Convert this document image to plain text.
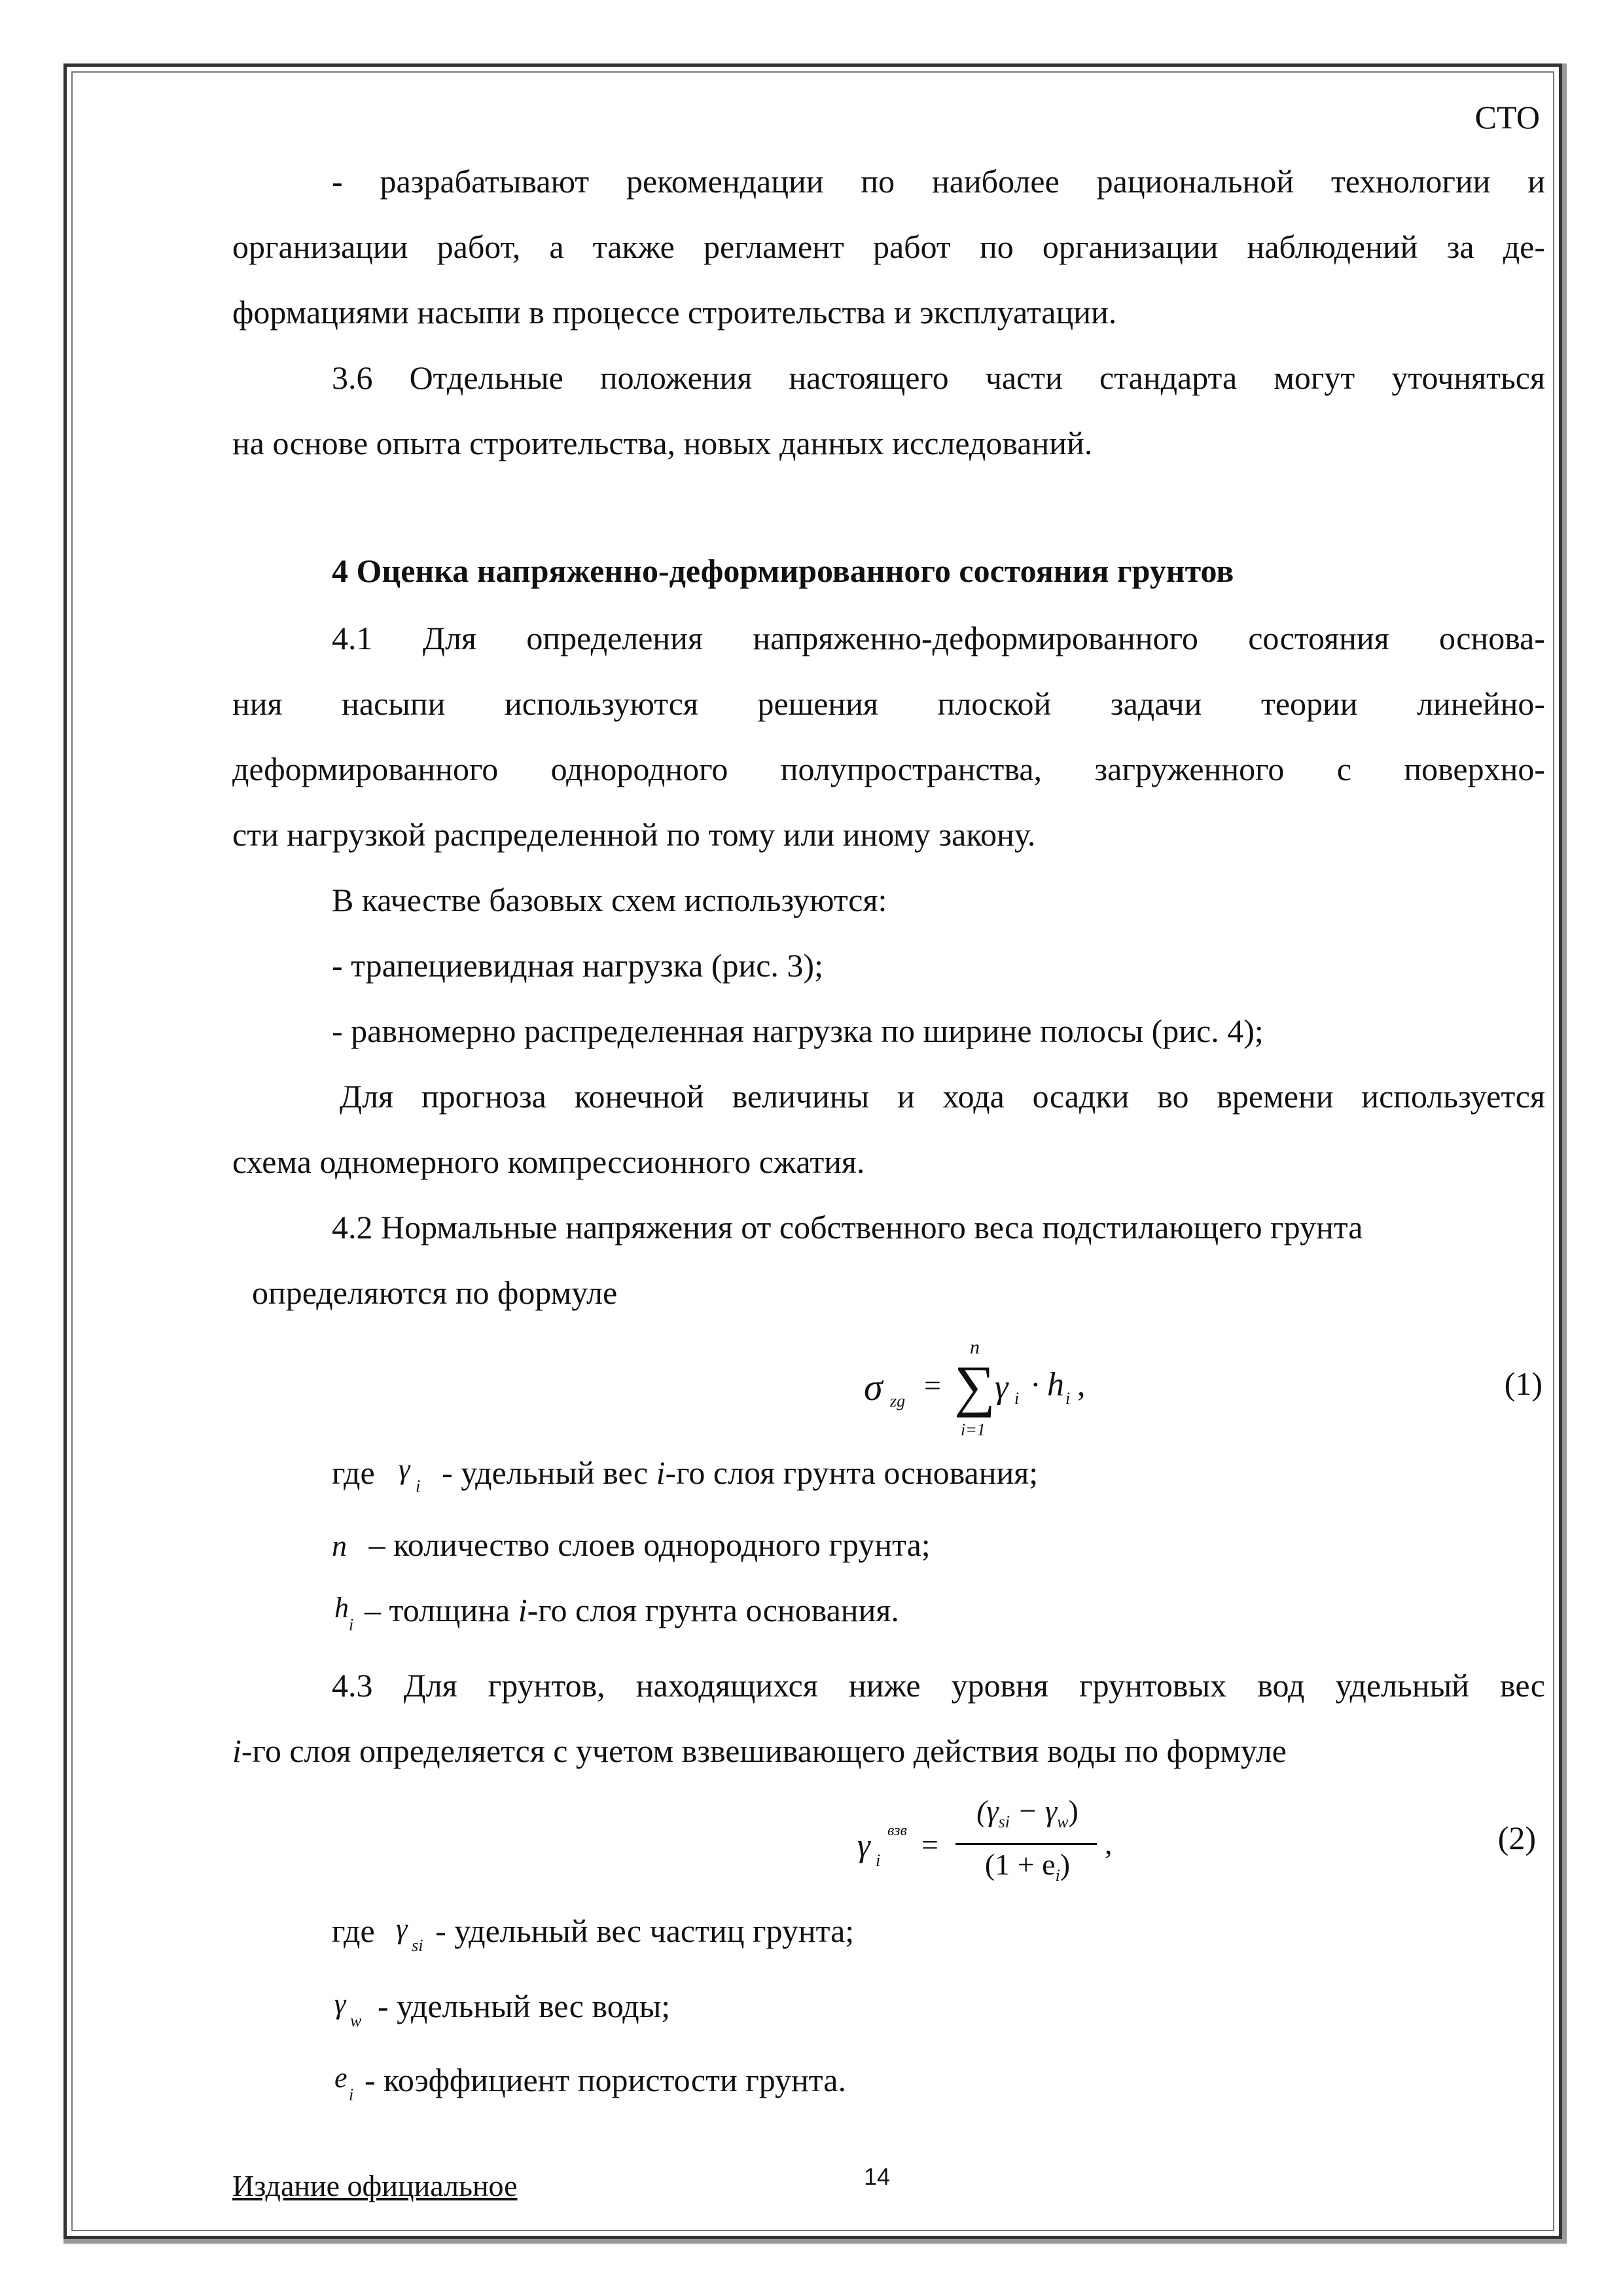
СТО
- разрабатывают рекомендации по наиболее рациональной технологии и
организации работ, а также регламент работ по организации наблюдений за де-
формациями насыпи в процессе строительства и эксплуатации.
3.6 Отдельные положения настоящего части стандарта могут уточняться
на основе опыта строительства, новых данных исследований.
4 Оценка напряженно-деформированного состояния грунтов
4.1 Для определения напряженно-деформированного состояния основа-
ния насыпи используются решения плоской задачи теории линейно-
деформированного однородного полупространства, загруженного с поверхно-
сти нагрузкой распределенной по тому или иному закону.
В качестве базовых схем используются:
- трапециевидная нагрузка (рис. 3);
- равномерно распределенная нагрузка по ширине полосы (рис. 4);
Для прогноза конечной величины и хода осадки во времени используется
схема одномерного компрессионного сжатия.
4.2 Нормальные напряжения от собственного веса подстилающего грунта
определяются по формуле
σ zg = ∑
n
i=1
γ i · h i ,	(1)
где γ
i - удельный вес i-го слоя грунта основания;
n – количество слоев однородного грунта;
h
i – толщина i-го слоя грунта основания.
4.3 Для грунтов, находящихся ниже уровня грунтовых вод удельный вес
i-го слоя определяется с учетом взвешивающего действия воды по формуле
γ i
взв =
$(\gamma_{si} - \gamma_w)$
$(1 + e_i)$
,	(2)
где γ
si - удельный вес частиц грунта;
γ
w - удельный вес воды;
e
i - коэффициент пористости грунта.
Издание официальное	14
